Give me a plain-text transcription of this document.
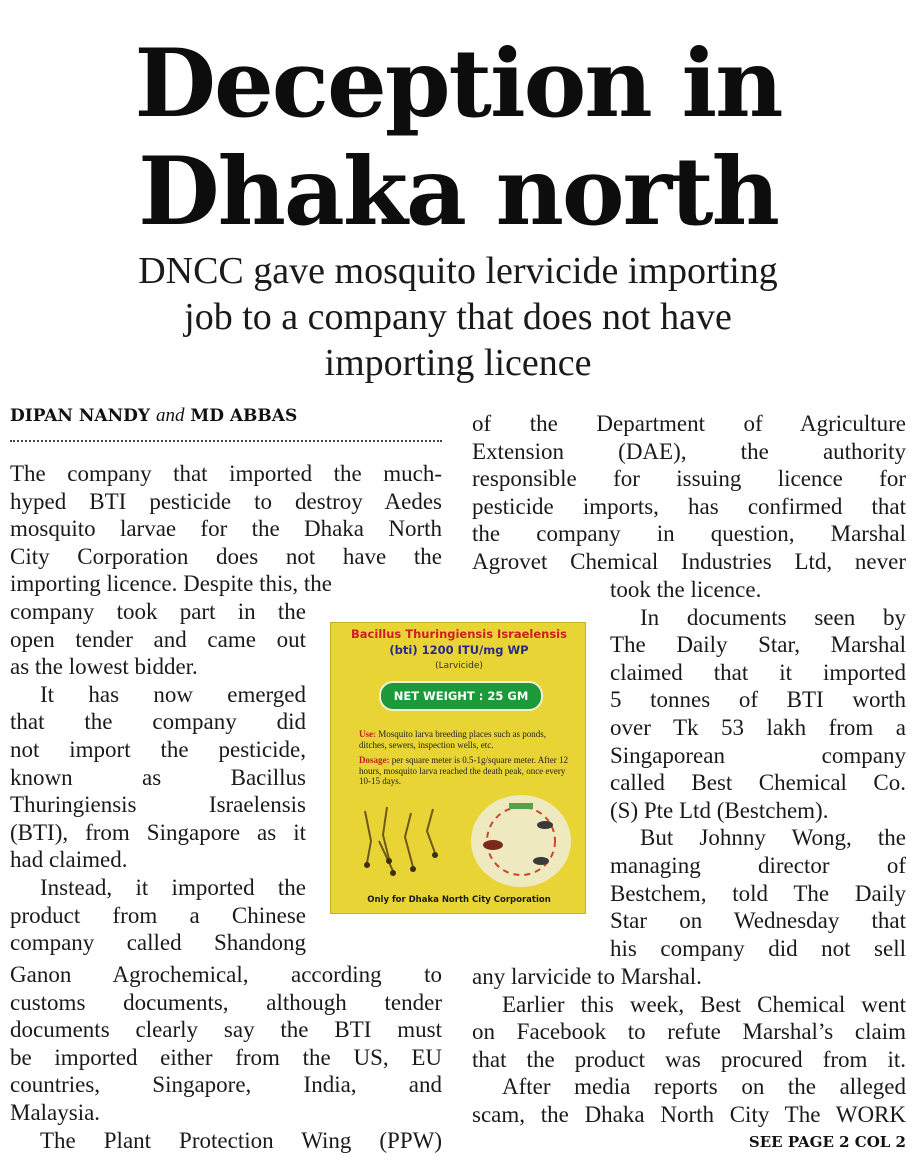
Deception in
Dhaka north
DNCC gave mosquito lervicide importing
job to a company that does not have
importing licence
DIPAN NANDY and MD ABBAS
The company that imported the much-
hyped BTI pesticide to destroy Aedes
mosquito larvae for the Dhaka North
City Corporation does not have the
importing licence. Despite this, the
company took part in the
open tender and came out
as the lowest bidder.
It has now emerged
that the company did
not import the pesticide,
known as Bacillus
Thuringiensis Israelensis
(BTI), from Singapore as it
had claimed.
Instead, it imported the
product from a Chinese
company called Shandong
Ganon Agrochemical, according to
customs documents, although tender
documents clearly say the BTI must
be imported either from the US, EU
countries, Singapore, India, and
Malaysia.
The Plant Protection Wing (PPW)
of the Department of Agriculture
Extension (DAE), the authority
responsible for issuing licence for
pesticide imports, has confirmed that
the company in question, Marshal
Agrovet Chemical Industries Ltd, never
took the licence.
In documents seen by
The Daily Star, Marshal
claimed that it imported
5 tonnes of BTI worth
over Tk 53 lakh from a
Singaporean company
called Best Chemical Co.
(S) Pte Ltd (Bestchem).
But Johnny Wong, the
managing director of
Bestchem, told The Daily
Star on Wednesday that
his company did not sell
any larvicide to Marshal.
Earlier this week, Best Chemical went
on Facebook to refute Marshal’s claim
that the product was procured from it.
After media reports on the alleged
scam, the Dhaka North City The WORK
Bacillus Thuringiensis Israelensis
(bti) 1200 ITU/mg WP
(Larvicide)
NET WEIGHT : 25 GM
Use: Mosquito larva breeding places such as ponds, ditches, sewers, inspection wells, etc.
Dosage: per square meter is 0.5-1g/square meter. After 12 hours, mosquito larva reached the death peak, once every 10-15 days.
Only for Dhaka North City Corporation
SEE PAGE 2 COL 2
